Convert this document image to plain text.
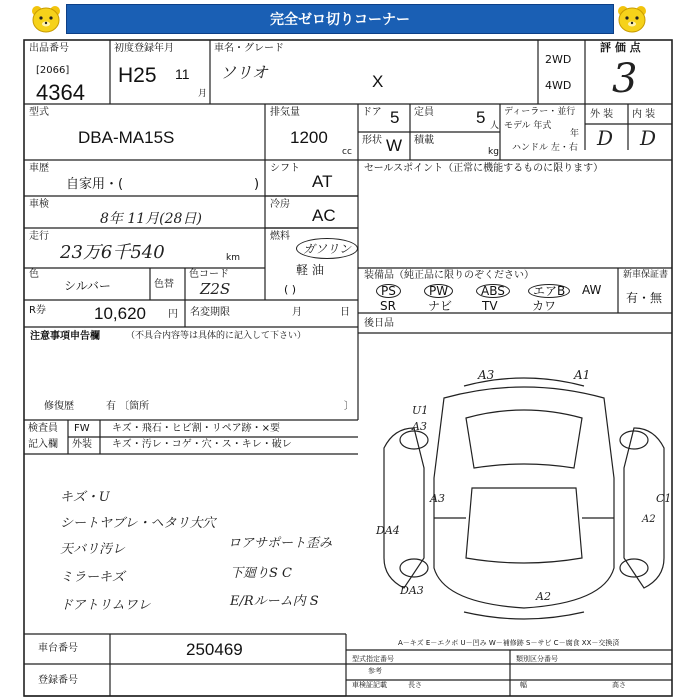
完全ゼロ切りコーナー
出品番号
[2066]
4364
初度登録年月
H25 11
月
車名・グレード
ソリオ	X
2WD
4WD
評 価 点
3
外 装 内 装
D D
型式
DBA-MA15S
排気量
1200
cc
ドア 5 定員 5 人
形状 W 積載
kg
ディーラー・並行
モデル 年式
年
ハンドル 左・右
車歴
自家用・(	)
車検
8年 11月(28日)
走行
23万6千540	km
色
シルバー	色替
色コード
Z2S
シフト
AT
冷房
AC
燃料
ガソリン
軽 油
( )
R券	10,620 円 名変期限	月	日
注意事項申告欄	（不具合内容等は具体的に記入して下さい）
修復歴	有 〔箇所	〕
検査員
記入欄
FW
外装
キズ・飛石・ヒビ割・リペア跡・×要
キズ・汚レ・コゲ・穴・ス・キレ・破レ
キズ・U
シートヤブレ・ヘタリ大穴
天バリ汚レ
ミラーキズ
ドアトリムワレ
ロアサポート歪み
下廻りS C
E/Rルーム内 S
セールスポイント（正常に機能するものに限ります）
装備品（純正品に限りのぞください）	新車保証書
有・無
PS	PW	ABS	エアB	AW
SR	ナビ TV	カワ
後日品
A3	A1
U1
A3
A3	C1
A2
A2
DA4
DA3
車台番号	250469
登録番号
A－キズ E－エクボ U－凹み W－補修跡 S－サビ C－腐食 XX－交換済
型式指定番号	類別区分番号
参考
車検証記載	長さ	幅	高さ
